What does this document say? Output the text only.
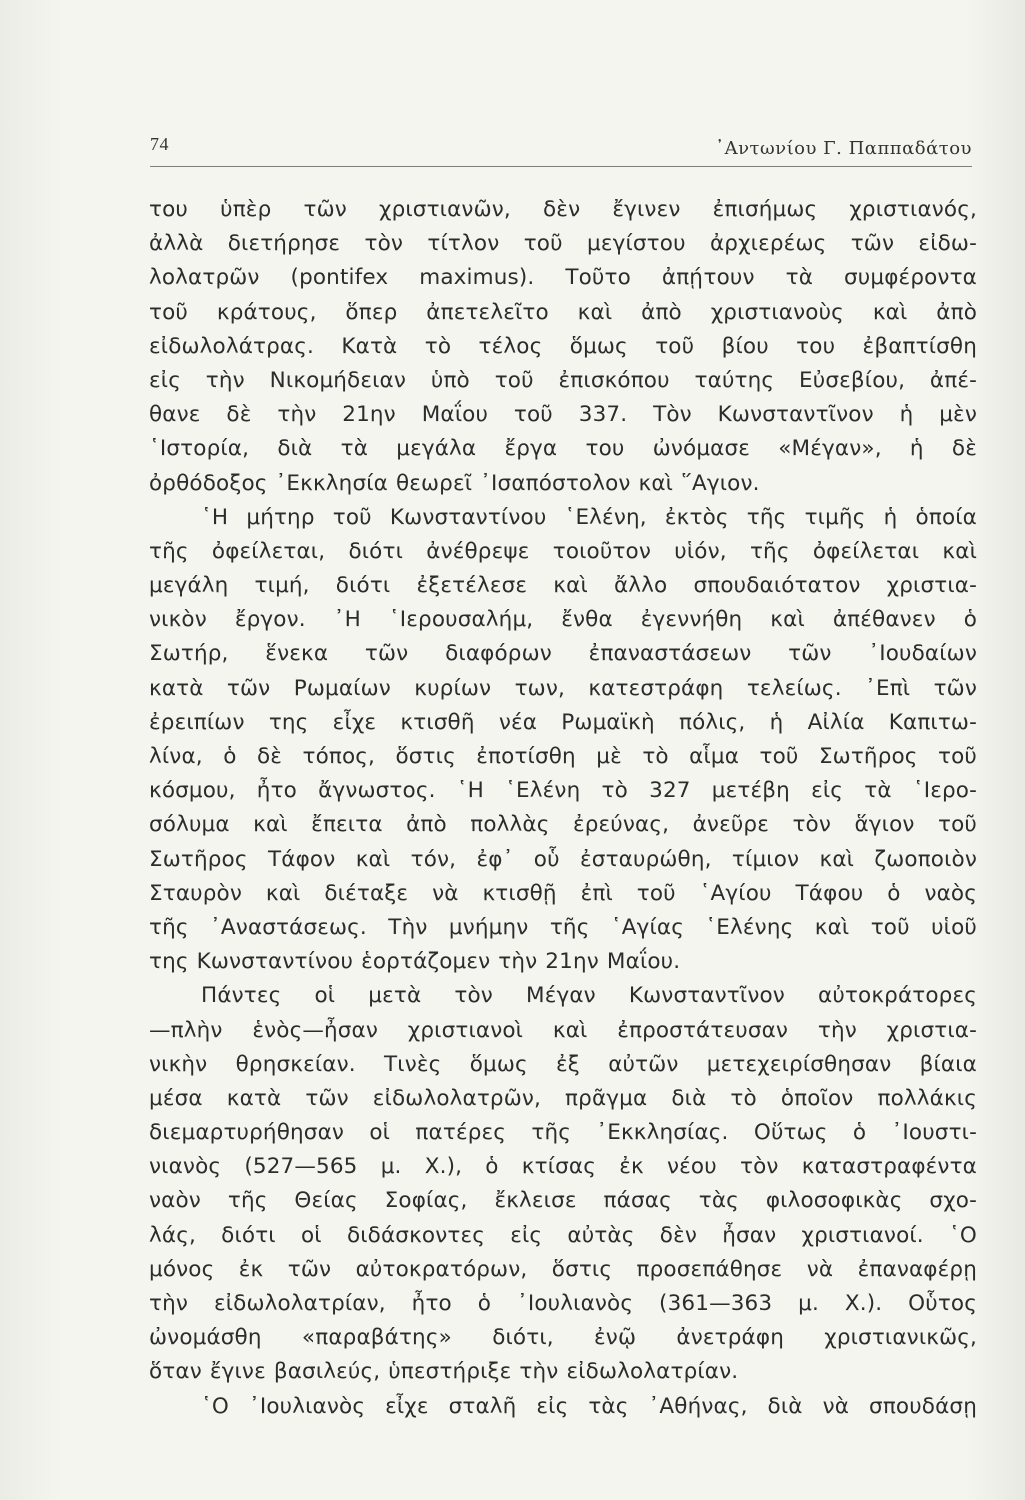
74	᾿Αντωνίου Γ. Παππαδάτου
του ὑπὲρ τῶν χριστιανῶν, δὲν ἔγινεν ἐπισήμως χριστιανός,
ἀλλὰ διετήρησε τὸν τίτλον τοῦ μεγίστου ἀρχιερέως τῶν εἰδω-
λολατρῶν (pontifex maximus). Τοῦτο ἀπῄτουν τὰ συμφέροντα
τοῦ κράτους, ὅπερ ἀπετελεῖτο καὶ ἀπὸ χριστιανοὺς καὶ ἀπὸ
εἰδωλολάτρας. Κατὰ τὸ τέλος ὅμως τοῦ βίου του ἐβαπτίσθη
εἰς τὴν Νικομήδειαν ὑπὸ τοῦ ἐπισκόπου ταύτης Εὐσεβίου, ἀπέ-
θανε δὲ τὴν 21ην Μαΐου τοῦ 337. Τὸν Κωνσταντῖνον ἡ μὲν
῾Ιστορία, διὰ τὰ μεγάλα ἔργα του ὠνόμασε «Μέγαν», ἡ δὲ
ὀρθόδοξος ᾿Εκκλησία θεωρεῖ ᾿Ισαπόστολον καὶ ῞Αγιον.
῾Η μήτηρ τοῦ Κωνσταντίνου ῾Ελένη, ἐκτὸς τῆς τιμῆς ἡ ὁποία
τῆς ὀφείλεται, διότι ἀνέθρεψε τοιοῦτον υἱόν, τῆς ὀφείλεται καὶ
μεγάλη τιμή, διότι ἐξετέλεσε καὶ ἄλλο σπουδαιότατον χριστια-
νικὸν ἔργον. ᾿Η ῾Ιερουσαλήμ, ἔνθα ἐγεννήθη καὶ ἀπέθανεν ὁ
Σωτήρ, ἕνεκα τῶν διαφόρων ἐπαναστάσεων τῶν ᾿Ιουδαίων
κατὰ τῶν Ρωμαίων κυρίων των, κατεστράφη τελείως. ᾿Επὶ τῶν
ἐρειπίων της εἶχε κτισθῆ νέα Ρωμαϊκὴ πόλις, ἡ Αἰλία Καπιτω-
λίνα, ὁ δὲ τόπος, ὅστις ἐποτίσθη μὲ τὸ αἷμα τοῦ Σωτῆρος τοῦ
κόσμου, ἦτο ἄγνωστος. ῾Η ῾Ελένη τὸ 327 μετέβη εἰς τὰ ῾Ιερο-
σόλυμα καὶ ἔπειτα ἀπὸ πολλὰς ἐρεύνας, ἀνεῦρε τὸν ἅγιον τοῦ
Σωτῆρος Τάφον καὶ τόν, ἐφ᾿ οὗ ἐσταυρώθη, τίμιον καὶ ζωοποιὸν
Σταυρὸν καὶ διέταξε νὰ κτισθῇ ἐπὶ τοῦ ῾Αγίου Τάφου ὁ ναὸς
τῆς ᾿Αναστάσεως. Τὴν μνήμην τῆς ῾Αγίας ῾Ελένης καὶ τοῦ υἱοῦ
της Κωνσταντίνου ἑορτάζομεν τὴν 21ην Μαΐου.
Πάντες οἱ μετὰ τὸν Μέγαν Κωνσταντῖνον αὐτοκράτορες
—πλὴν ἑνὸς—ἦσαν χριστιανοὶ καὶ ἐπροστάτευσαν τὴν χριστια-
νικὴν θρησκείαν. Τινὲς ὅμως ἐξ αὐτῶν μετεχειρίσθησαν βίαια
μέσα κατὰ τῶν εἰδωλολατρῶν, πρᾶγμα διὰ τὸ ὁποῖον πολλάκις
διεμαρτυρήθησαν οἱ πατέρες τῆς ᾿Εκκλησίας. Οὕτως ὁ ᾿Ιουστι-
νιανὸς (527—565 μ. Χ.), ὁ κτίσας ἐκ νέου τὸν καταστραφέντα
ναὸν τῆς Θείας Σοφίας, ἔκλεισε πάσας τὰς φιλοσοφικὰς σχο-
λάς, διότι οἱ διδάσκοντες εἰς αὐτὰς δὲν ἦσαν χριστιανοί. ῾Ο
μόνος ἐκ τῶν αὐτοκρατόρων, ὅστις προσεπάθησε νὰ ἐπαναφέρῃ
τὴν εἰδωλολατρίαν, ἦτο ὁ ᾿Ιουλιανὸς (361—363 μ. Χ.). Οὗτος
ὠνομάσθη «παραβάτης» διότι, ἐνῷ ἀνετράφη χριστιανικῶς,
ὅταν ἔγινε βασιλεύς, ὑπεστήριξε τὴν εἰδωλολατρίαν.
῾Ο ᾿Ιουλιανὸς εἶχε σταλῆ εἰς τὰς ᾿Αθήνας, διὰ νὰ σπουδάσῃ
